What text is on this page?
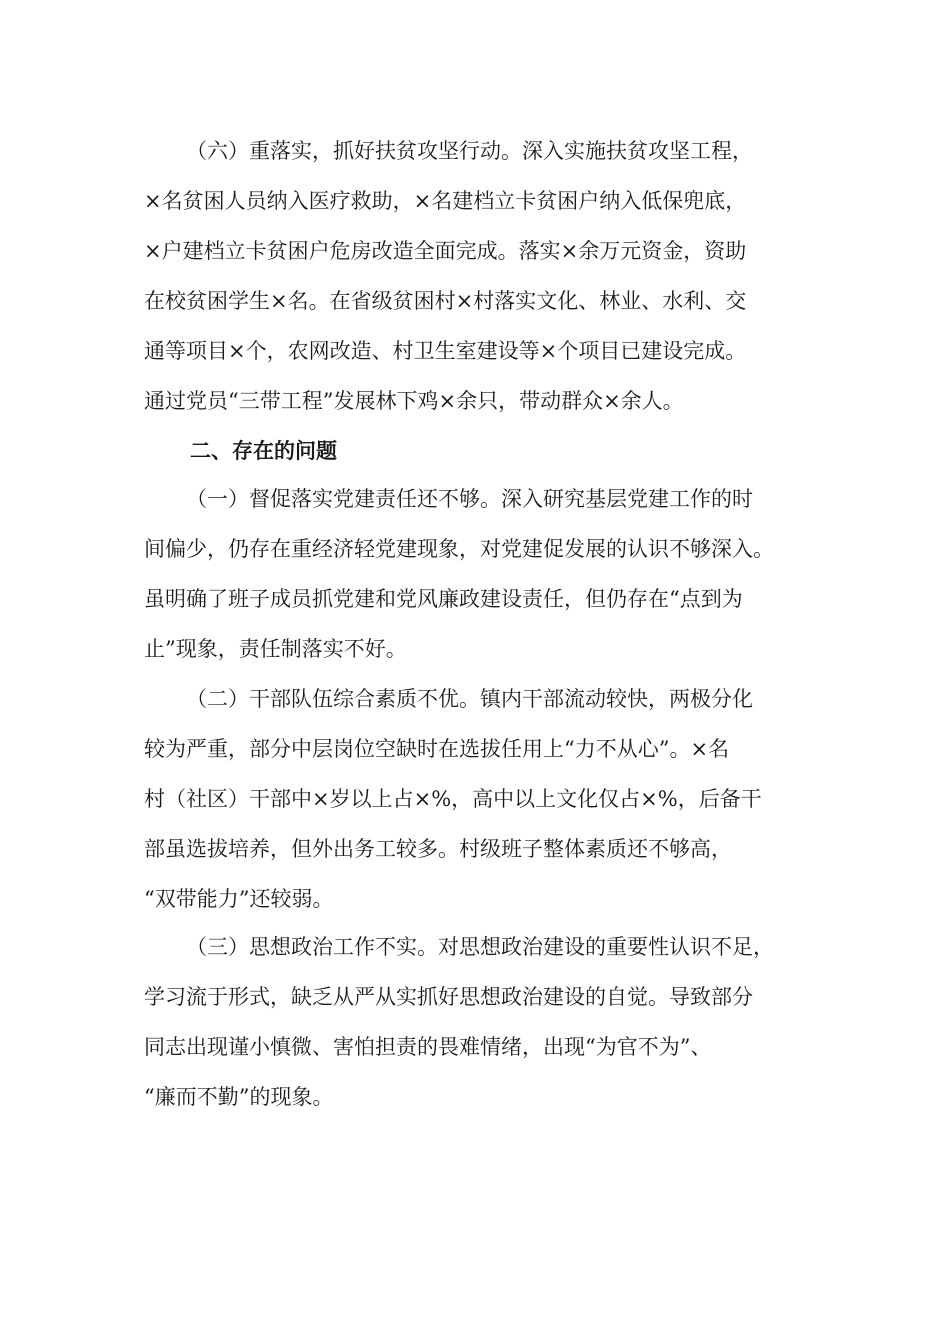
（六）重落实，抓好扶贫攻坚行动。深入实施扶贫攻坚工程，
×名贫困人员纳入医疗救助，×名建档立卡贫困户纳入低保兜底，
×户建档立卡贫困户危房改造全面完成。落实×余万元资金，资助
在校贫困学生×名。在省级贫困村×村落实文化、林业、水利、交
通等项目×个，农网改造、村卫生室建设等×个项目已建设完成。
通过党员“三带工程”发展林下鸡×余只，带动群众×余人。
二、存在的问题
（一）督促落实党建责任还不够。深入研究基层党建工作的时
间偏少，仍存在重经济轻党建现象，对党建促发展的认识不够深入。
虽明确了班子成员抓党建和党风廉政建设责任，但仍存在“点到为
止”现象，责任制落实不好。
（二）干部队伍综合素质不优。镇内干部流动较快，两极分化
较为严重，部分中层岗位空缺时在选拔任用上“力不从心”。×名
村（社区）干部中×岁以上占×%，高中以上文化仅占×%，后备干
部虽选拔培养，但外出务工较多。村级班子整体素质还不够高，
“双带能力”还较弱。
（三）思想政治工作不实。对思想政治建设的重要性认识不足，
学习流于形式，缺乏从严从实抓好思想政治建设的自觉。导致部分
同志出现谨小慎微、害怕担责的畏难情绪，出现“为官不为”、
“廉而不勤”的现象。
